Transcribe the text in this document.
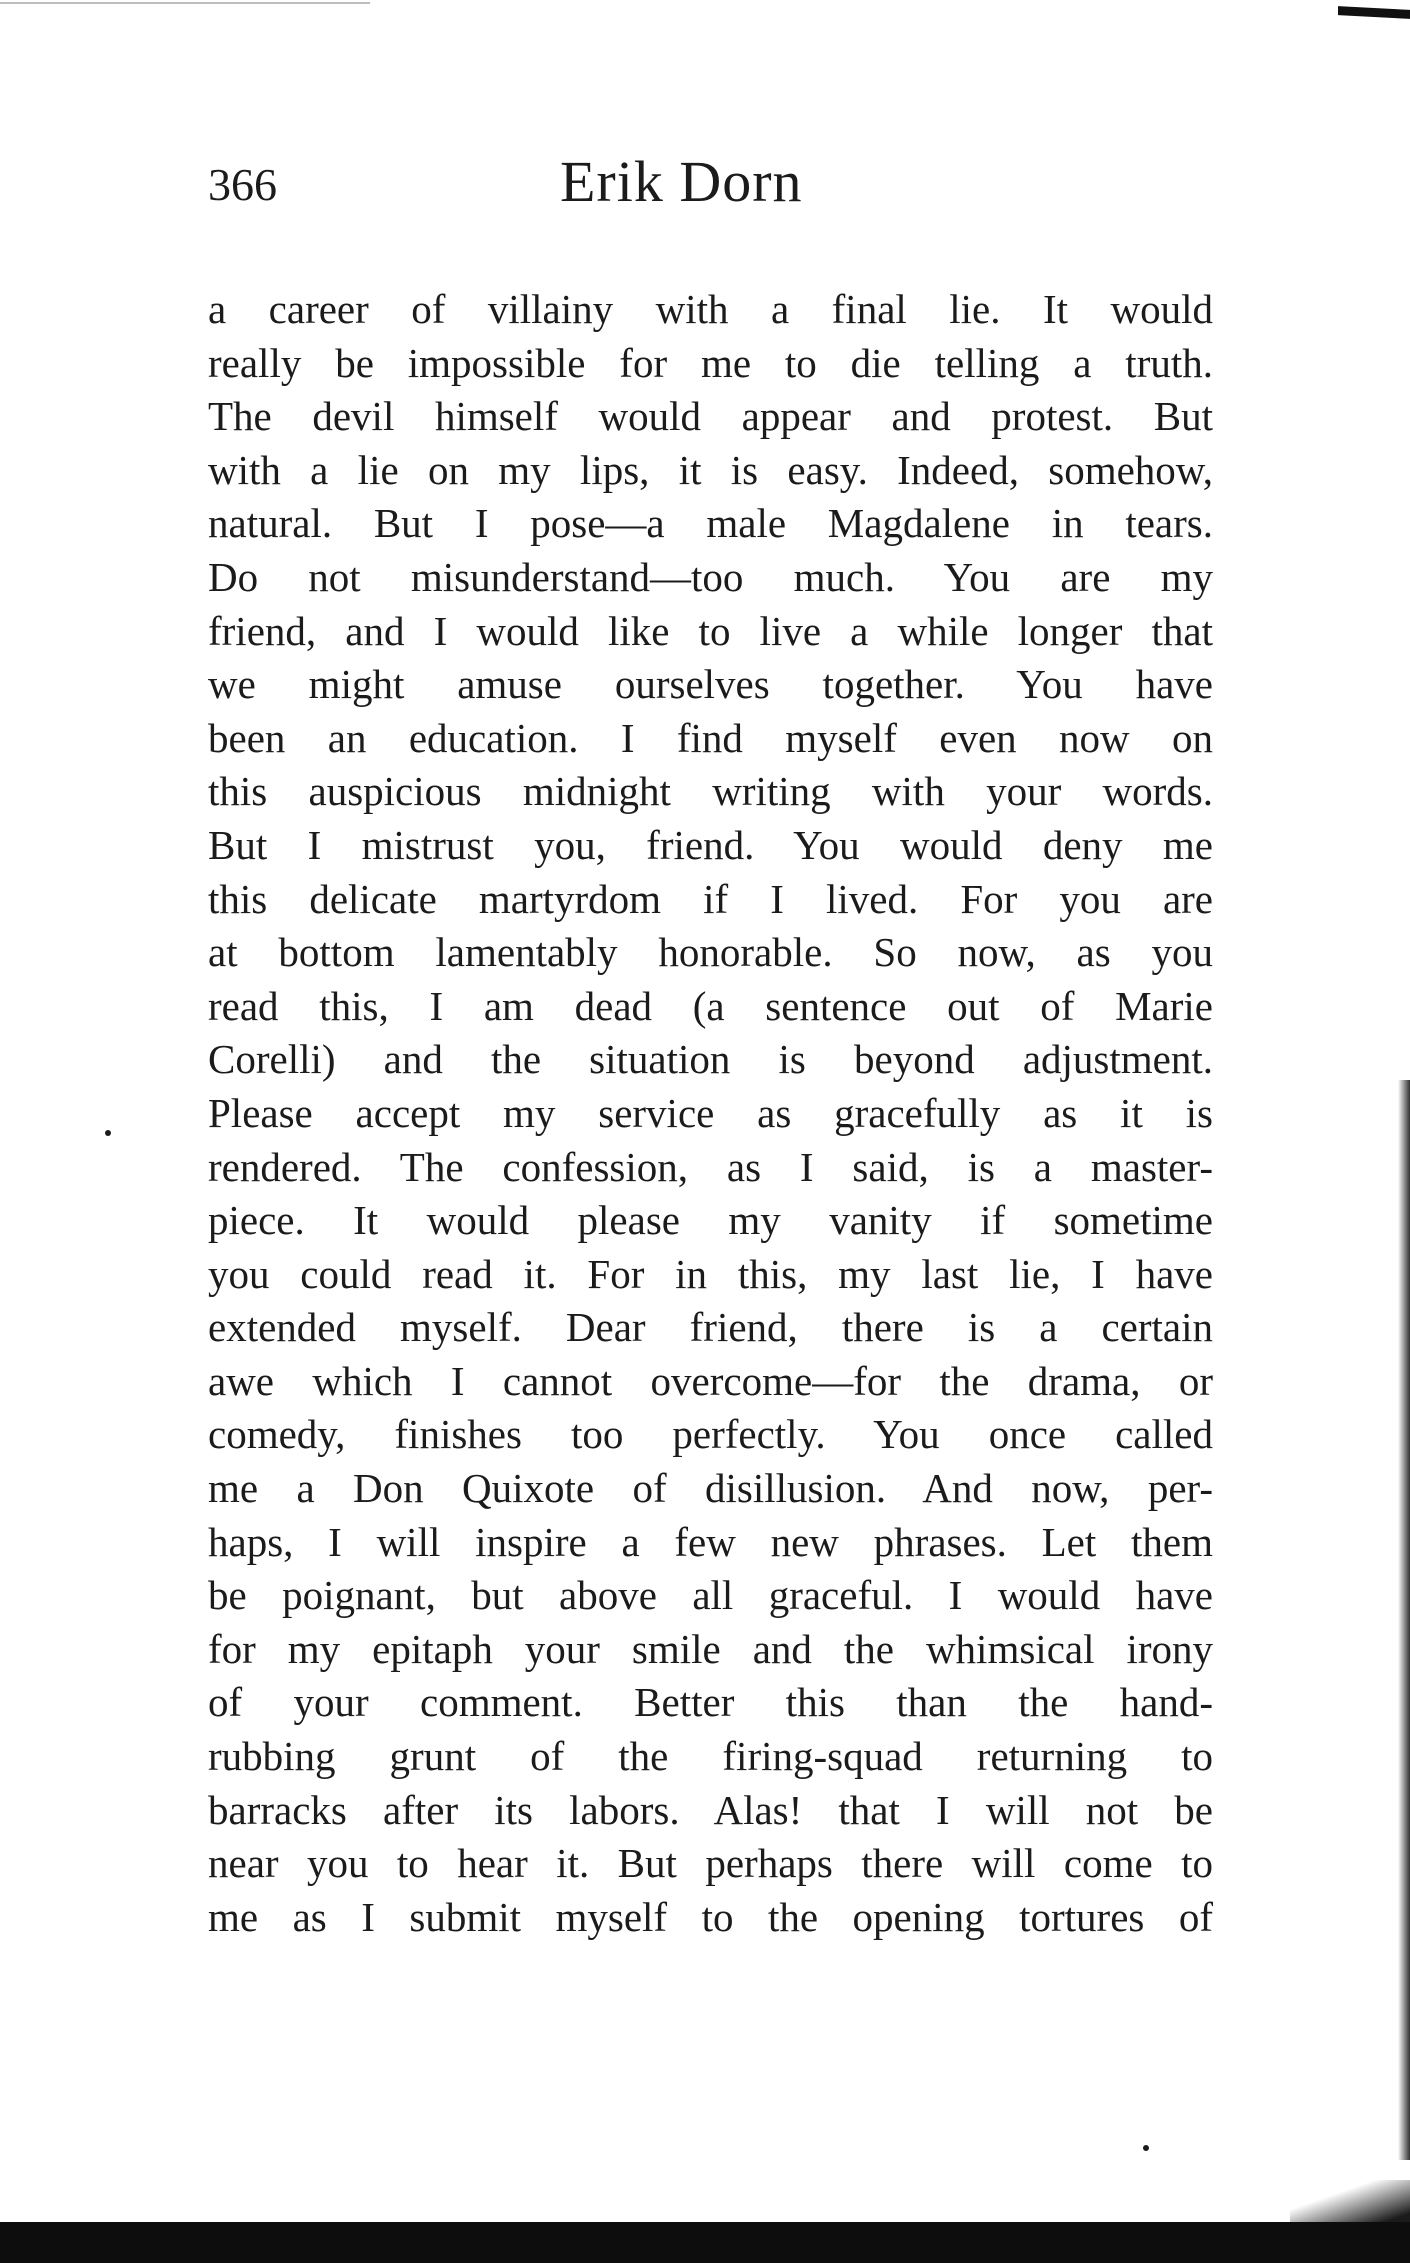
366	Erik Dorn
a career of villainy with a final lie. It would
really be impossible for me to die telling a truth.
The devil himself would appear and protest. But
with a lie on my lips, it is easy. Indeed, somehow,
natural. But I pose—a male Magdalene in tears.
Do not misunderstand—too much. You are my
friend, and I would like to live a while longer that
we might amuse ourselves together. You have
been an education. I find myself even now on
this auspicious midnight writing with your words.
But I mistrust you, friend. You would deny me
this delicate martyrdom if I lived. For you are
at bottom lamentably honorable. So now, as you
read this, I am dead (a sentence out of Marie
Corelli) and the situation is beyond adjustment.
Please accept my service as gracefully as it is
rendered. The confession, as I said, is a master-
piece. It would please my vanity if sometime
you could read it. For in this, my last lie, I have
extended myself. Dear friend, there is a certain
awe which I cannot overcome—for the drama, or
comedy, finishes too perfectly. You once called
me a Don Quixote of disillusion. And now, per-
haps, I will inspire a few new phrases. Let them
be poignant, but above all graceful. I would have
for my epitaph your smile and the whimsical irony
of your comment. Better this than the hand-
rubbing grunt of the firing-squad returning to
barracks after its labors. Alas! that I will not be
near you to hear it. But perhaps there will come to
me as I submit myself to the opening tortures of
